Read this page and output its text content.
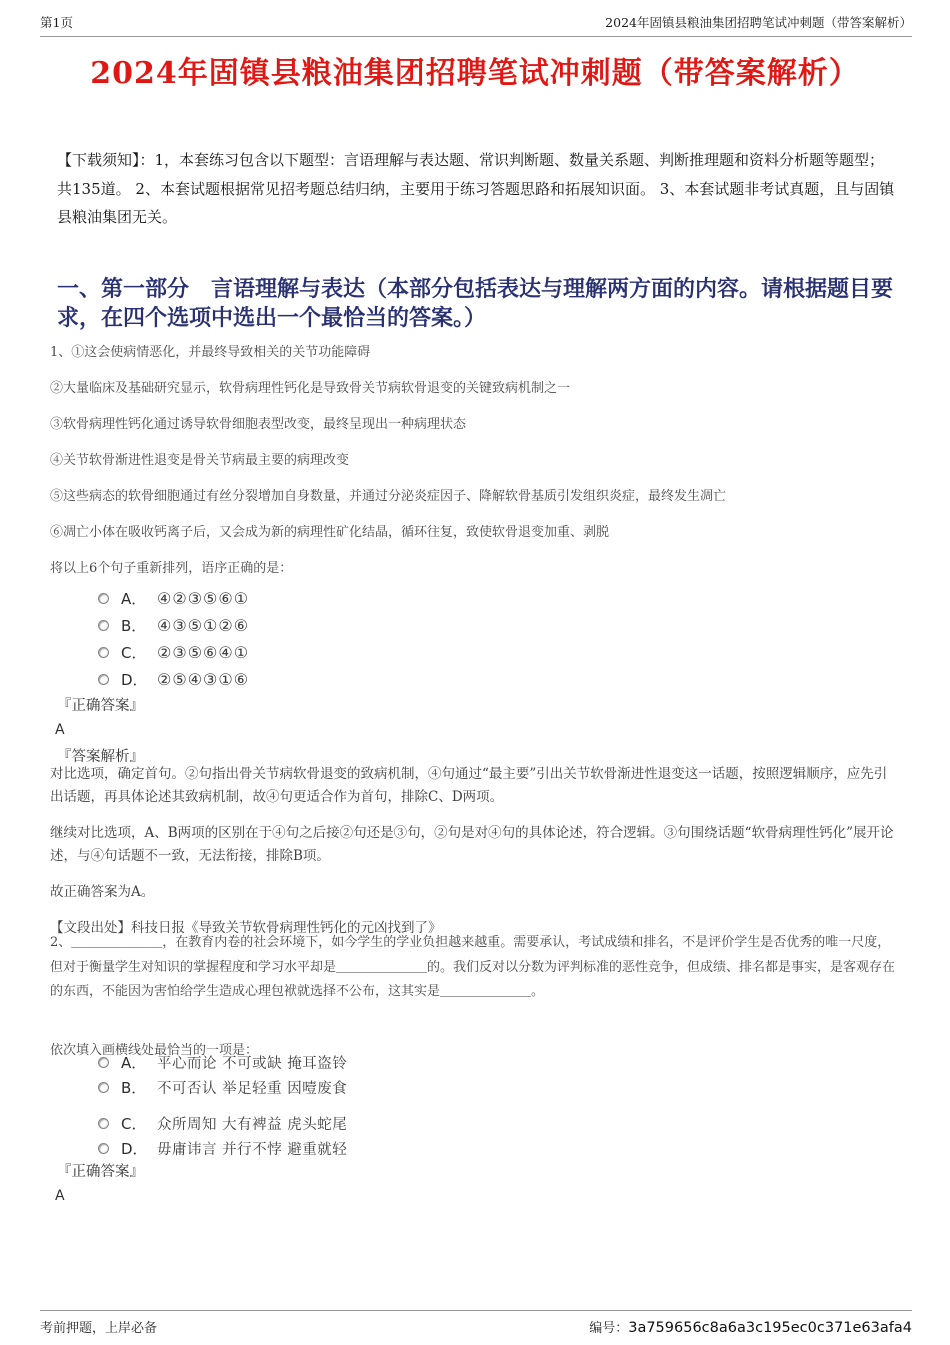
第1页	2024年固镇县粮油集团招聘笔试冲刺题（带答案解析）
2024年固镇县粮油集团招聘笔试冲刺题（带答案解析）
【下载须知】：1，本套练习包含以下题型：言语理解与表达题、常识判断题、数量关系题、判断推理题和资料分析题等题型；共135道。 2、本套试题根据常见招考题总结归纳，主要用于练习答题思路和拓展知识面。 3、本套试题非考试真题，且与固镇县粮油集团无关。
一、第一部分　言语理解与表达（本部分包括表达与理解两方面的内容。请根据题目要求，在四个选项中选出一个最恰当的答案。）

1、①这会使病情恶化，并最终导致相关的关节功能障碍

②大量临床及基础研究显示，软骨病理性钙化是导致骨关节病软骨退变的关键致病机制之一

③软骨病理性钙化通过诱导软骨细胞表型改变，最终呈现出一种病理状态

④关节软骨渐进性退变是骨关节病最主要的病理改变

⑤这些病态的软骨细胞通过有丝分裂增加自身数量，并通过分泌炎症因子、降解软骨基质引发组织炎症，最终发生凋亡

⑥凋亡小体在吸收钙离子后，又会成为新的病理性矿化结晶，循环往复，致使软骨退变加重、剥脱

将以上6个句子重新排列，语序正确的是：

A． ④②③⑤⑥①
B． ④③⑤①②⑥
C． ②③⑤⑥④①
D． ②⑤④③①⑥
『正确答案』
A
『答案解析』

对比选项，确定首句。②句指出骨关节病软骨退变的致病机制，④句通过“最主要”引出关节软骨渐进性退变这一话题，按照逻辑顺序，应先引出话题，再具体论述其致病机制，故④句更适合作为首句，排除C、D两项。

继续对比选项，A、B两项的区别在于④句之后接②句还是③句，②句是对④句的具体论述，符合逻辑。③句围绕话题“软骨病理性钙化”展开论述，与④句话题不一致，无法衔接，排除B项。

故正确答案为A。

【文段出处】科技日报《导致关节软骨病理性钙化的元凶找到了》

2、＿＿＿＿＿＿＿，在教育内卷的社会环境下，如今学生的学业负担越来越重。需要承认，考试成绩和排名，不是评价学生是否优秀的唯一尺度，但对于衡量学生对知识的掌握程度和学习水平却是＿＿＿＿＿＿＿的。我们反对以分数为评判标准的恶性竞争，但成绩、排名都是事实，是客观存在的东西，不能因为害怕给学生造成心理包袱就选择不公布，这其实是＿＿＿＿＿＿＿。
依次填入画横线处最恰当的一项是：
A． 平心而论 不可或缺 掩耳盗铃
B． 不可否认 举足轻重 因噎废食
C． 众所周知 大有裨益 虎头蛇尾
D． 毋庸讳言 并行不悖 避重就轻
『正确答案』
A
考前押题，上岸必备	编号：3a759656c8a6a3c195ec0c371e63afa4
